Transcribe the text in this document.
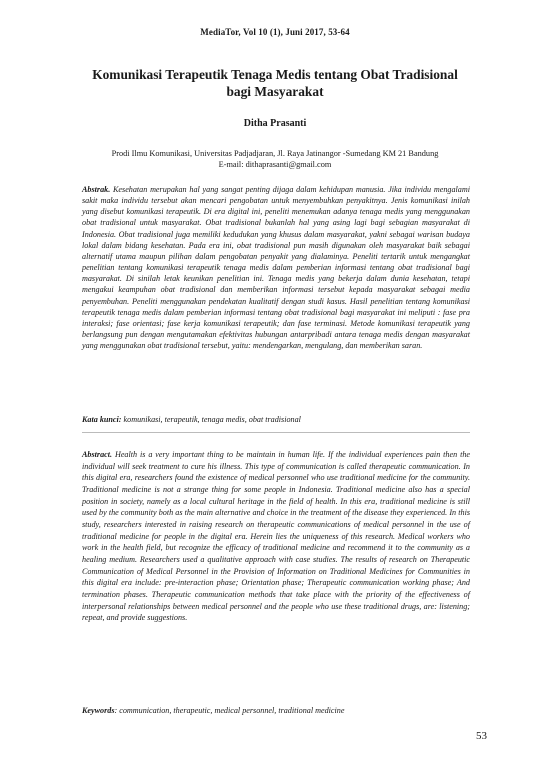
MediaTor, Vol 10 (1), Juni 2017, 53-64
Komunikasi Terapeutik Tenaga Medis tentang Obat Tradisional
bagi Masyarakat
Ditha Prasanti
Prodi Ilmu Komunikasi, Universitas Padjadjaran, Jl. Raya Jatinangor -Sumedang KM 21 Bandung
E-mail: dithaprasanti@gmail.com

Abstrak. Kesehatan merupakan hal yang sangat penting dijaga dalam kehidupan manusia. Jika individu mengalami sakit maka individu tersebut akan mencari pengobatan untuk menyembuhkan penyakitnya. Jenis komunikasi inilah yang disebut komunikasi terapeutik. Di era digital ini, peneliti menemukan adanya tenaga medis yang menggunakan obat tradisional untuk masyarakat. Obat tradisional bukanlah hal yang asing lagi bagi sebagian masyarakat di Indonesia. Obat tradisional juga memiliki kedudukan yang khusus dalam masyarakat, yakni sebagai warisan budaya lokal dalam bidang kesehatan. Pada era ini, obat tradisional pun masih digunakan oleh masyarakat baik sebagai alternatif utama maupun pilihan dalam pengobatan penyakit yang dialaminya. Peneliti tertarik untuk mengangkat penelitian tentang komunikasi terapeutik tenaga medis dalam pemberian informasi tentang obat tradisional bagi masyarakat. Di sinilah letak keunikan penelitian ini. Tenaga medis yang bekerja dalam dunia kesehatan, tetapi mengakui keampuhan obat tradisional dan memberikan informasi tersebut kepada masyarakat sebagai media penyembuhan. Peneliti menggunakan pendekatan kualitatif dengan studi kasus. Hasil penelitian tentang komunikasi terapeutik tenaga medis dalam pemberian informasi tentang obat tradisional bagi masyarakat ini meliputi : fase pra interaksi; fase orientasi; fase kerja komunikasi terapeutik; dan fase terminasi. Metode komunikasi terapeutik yang berlangsung pun dengan mengutamakan efektivitas hubungan antarpribadi antara tenaga medis dengan masyarakat yang menggunakan obat tradisional tersebut, yaitu: mendengarkan, mengulang, dan memberikan saran.

Kata kunci: komunikasi, terapeutik, tenaga medis, obat tradisional

Abstract. Health is a very important thing to be maintain in human life. If the individual experiences pain then the individual will seek treatment to cure his illness. This type of communication is called therapeutic communication. In this digital era, researchers found the existence of medical personnel who use traditional medicine for the community. Traditional medicine is not a strange thing for some people in Indonesia. Traditional medicine also has a special position in society, namely as a local cultural heritage in the field of health. In this era, traditional medicine is still used by the community both as the main alternative and choice in the treatment of the disease they experienced. In this study, researchers interested in raising research on therapeutic communications of medical personnel in the use of traditional medicine for people in the digital era. Herein lies the uniqueness of this research. Medical workers who work in the health field, but recognize the efficacy of traditional medicine and recommend it to the community as a healing medium. Researchers used a qualitative approach with case studies. The results of research on Therapeutic Communication of Medical Personnel in the Provision of Information on Traditional Medicines for Communities in this digital era include: pre-interaction phase; Orientation phase; Therapeutic communication working phase; And termination phases. Therapeutic communication methods that take place with the priority of the effectiveness of interpersonal relationships between medical personnel and the people who use these traditional drugs, are: listening; repeat, and provide suggestions.

Keywords: communication, therapeutic, medical personnel, traditional medicine

53
